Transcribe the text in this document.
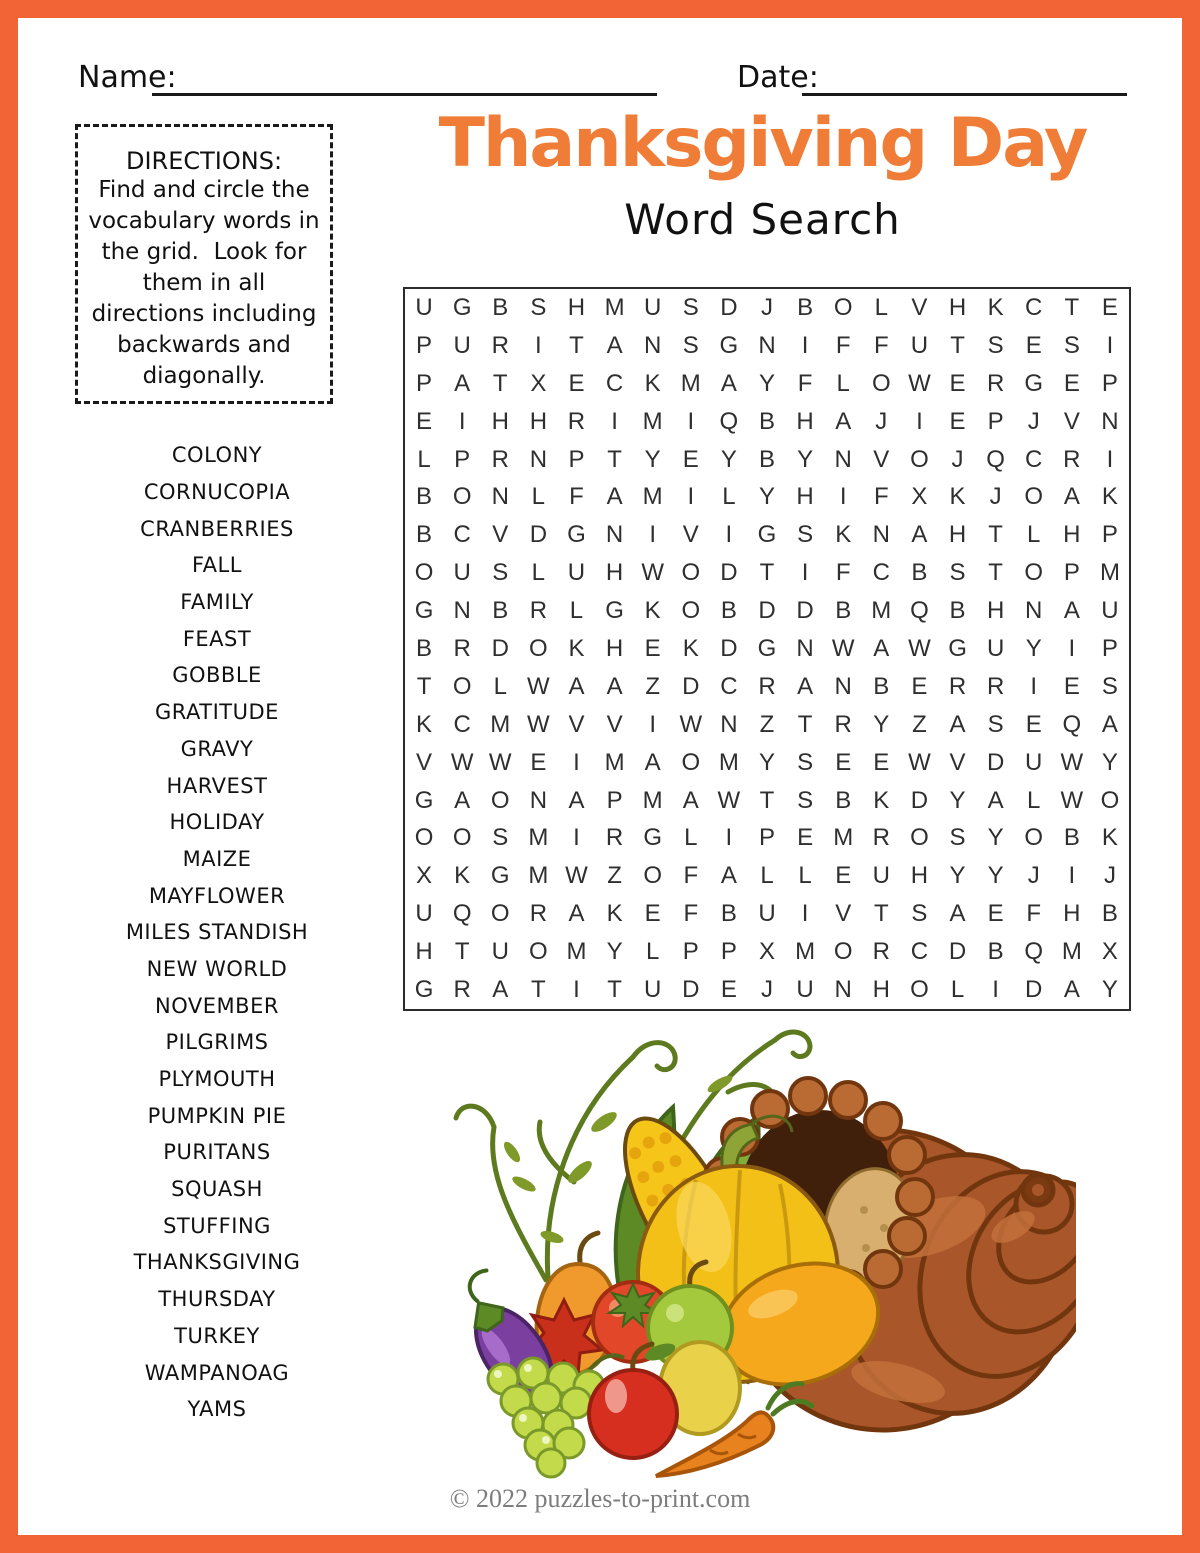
Name:	Date:
Thanksgiving Day
Word Search
DIRECTIONS:
Find and circle the vocabulary words in the grid.  Look for them in all directions including backwards and diagonally.
COLONY
CORNUCOPIA
CRANBERRIES
FALL
FAMILY
FEAST
GOBBLE
GRATITUDE
GRAVY
HARVEST
HOLIDAY
MAIZE
MAYFLOWER
MILES STANDISH
NEW WORLD
NOVEMBER
PILGRIMS
PLYMOUTH
PUMPKIN PIE
PURITANS
SQUASH
STUFFING
THANKSGIVING
THURSDAY
TURKEY
WAMPANOAG
YAMS
U G B S H M U S D J	B O L V H K C T E
P U R	I	T A N S G N	I	F F U T S E S	I
P A T X E C K M A Y F	L O W E R G E P
E	I	H H R	I	M	I	Q B H A	J	I	E P	J	V N
L P R N P T Y E Y B Y N V O J Q C R	I
B O N L	F A M	I	L Y H	I	F X K	J O A K
B C V D G N	I	V	I	G S K N A H T	L H P
O U S L U H W O D T	I	F C B S T O P M
G N B R L G K O B D D B M Q B H N A U
B R D O K H E K D G N W A W G U Y	I	P
T O L W A A Z D C R A N B E R R	I	E S
K C M W V V	I W N Z T R Y Z A S E Q A
V W W E	I	M A O M Y S E E W V D U W Y
G A O N A P M A W T S B K D Y A L W O
O O S M	I	R G L	I	P E M R O S Y O B K
X K G M W Z O F A L	L E U H Y Y	J	I	J
U Q O R A K E F B U	I	V T S A E F H B
H T U O M Y L P P X M O R C D B Q M X
G R A T	I	T U D E	J U N H O L	I	D A Y
© 2022 puzzles-to-print.com
